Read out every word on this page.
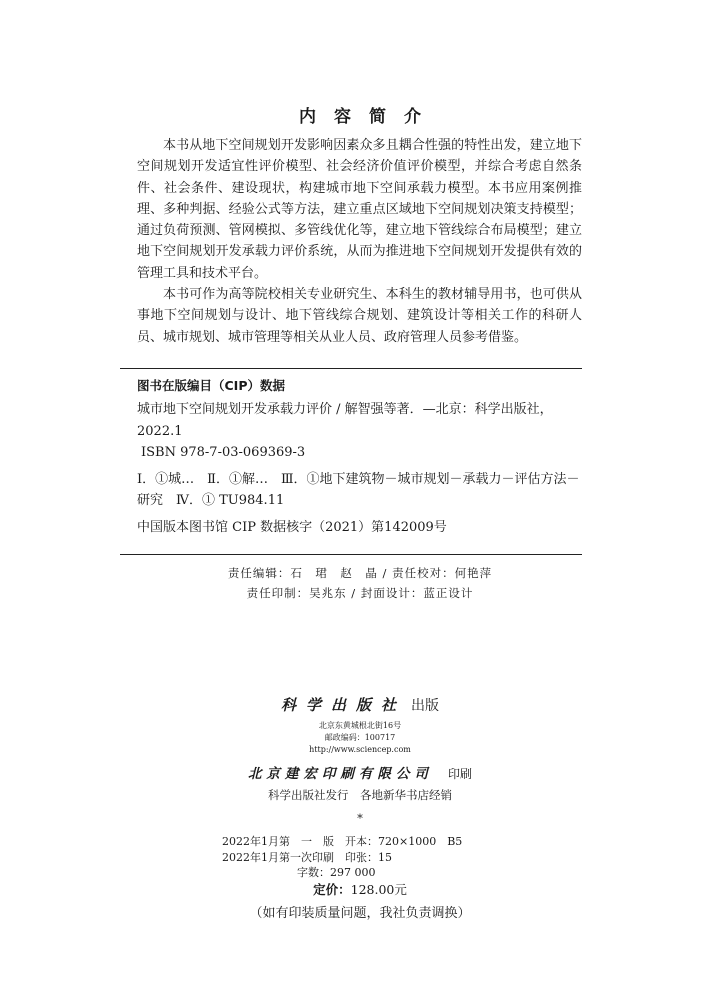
内容简介

本书从地下空间规划开发影响因素众多且耦合性强的特性出发，建立地下空间规划开发适宜性评价模型、社会经济价值评价模型，并综合考虑自然条件、社会条件、建设现状，构建城市地下空间承载力模型。本书应用案例推理、多种判据、经验公式等方法，建立重点区域地下空间规划决策支持模型；通过负荷预测、管网模拟、多管线优化等，建立地下管线综合布局模型；建立地下空间规划开发承载力评价系统，从而为推进地下空间规划开发提供有效的管理工具和技术平台。

本书可作为高等院校相关专业研究生、本科生的教材辅导用书，也可供从事地下空间规划与设计、地下管线综合规划、建筑设计等相关工作的科研人员、城市规划、城市管理等相关从业人员、政府管理人员参考借鉴。

图书在版编目（CIP）数据

城市地下空间规划开发承载力评价 / 解智强等著．—北京：科学出版社，2022.1

ISBN 978-7-03-069369-3

Ⅰ．①城…　Ⅱ．①解…　Ⅲ．①地下建筑物－城市规划－承载力－评估方法－研究　Ⅳ．① TU984.11

中国版本图书馆 CIP 数据核字（2021）第142009号

责任编辑：石　珺　赵　晶 / 责任校对：何艳萍
责任印制：吴兆东 / 封面设计：蓝正设计
科学出版社 出版
北京东黄城根北街16号
邮政编码：100717
http://www.sciencep.com
北京建宏印刷有限公司 印刷
科学出版社发行　各地新华书店经销
*
2022年1月第　一　版　开本：720×1000　B5
2022年1月第一次印刷　印张：15
字数：297 000
定价：128.00元
（如有印装质量问题，我社负责调换）
